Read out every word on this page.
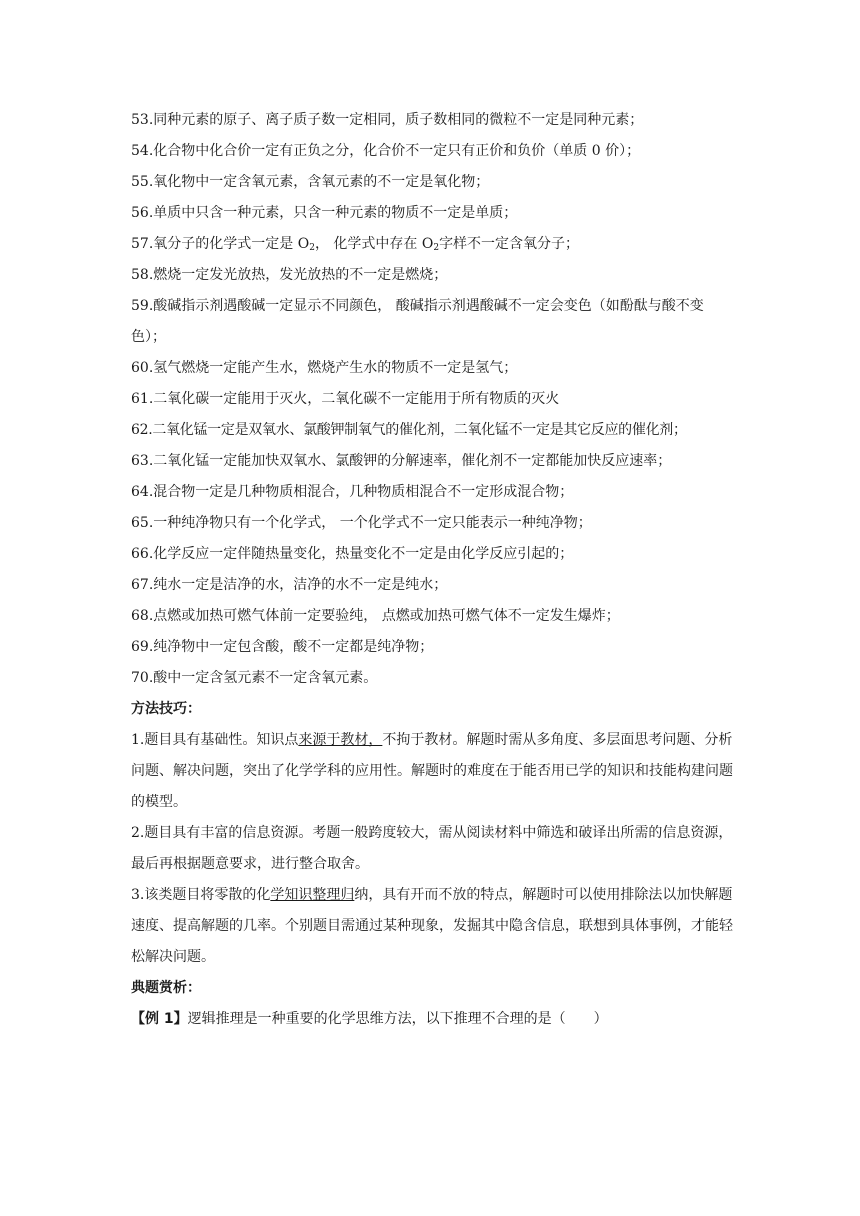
53.同种元素的原子、离子质子数一定相同，质子数相同的微粒不一定是同种元素；
54.化合物中化合价一定有正负之分，化合价不一定只有正价和负价（单质 0 价）；
55.氧化物中一定含氧元素，含氧元素的不一定是氧化物；
56.单质中只含一种元素，只含一种元素的物质不一定是单质；
57.氧分子的化学式一定是 $O_2$， 化学式中存在 $O_2$字样不一定含氧分子；
58.燃烧一定发光放热，发光放热的不一定是燃烧；
59.酸碱指示剂遇酸碱一定显示不同颜色， 酸碱指示剂遇酸碱不一定会变色（如酚酞与酸不变色）；
60.氢气燃烧一定能产生水，燃烧产生水的物质不一定是氢气；
61.二氧化碳一定能用于灭火，二氧化碳不一定能用于所有物质的灭火
62.二氧化锰一定是双氧水、氯酸钾制氧气的催化剂，二氧化锰不一定是其它反应的催化剂；
63.二氧化锰一定能加快双氧水、氯酸钾的分解速率，催化剂不一定都能加快反应速率；
64.混合物一定是几种物质相混合，几种物质相混合不一定形成混合物；
65.一种纯净物只有一个化学式， 一个化学式不一定只能表示一种纯净物；
66.化学反应一定伴随热量变化，热量变化不一定是由化学反应引起的；
67.纯水一定是洁净的水，洁净的水不一定是纯水；
68.点燃或加热可燃气体前一定要验纯， 点燃或加热可燃气体不一定发生爆炸；
69.纯净物中一定包含酸，酸不一定都是纯净物；
70.酸中一定含氢元素不一定含氧元素。
方法技巧：
1.题目具有基础性。知识点来源于教材，不拘于教材。解题时需从多角度、多层面思考问题、分析问题、解决问题，突出了化学学科的应用性。解题时的难度在于能否用已学的知识和技能构建问题的模型。
2.题目具有丰富的信息资源。考题一般跨度较大，需从阅读材料中筛选和破译出所需的信息资源，最后再根据题意要求，进行整合取舍。
3.该类题目将零散的化学知识整理归纳，具有开而不放的特点，解题时可以使用排除法以加快解题速度、提高解题的几率。个别题目需通过某种现象，发掘其中隐含信息，联想到具体事例，才能轻松解决问题。
典题赏析：
【例 1】逻辑推理是一种重要的化学思维方法，以下推理不合理的是（　　）
